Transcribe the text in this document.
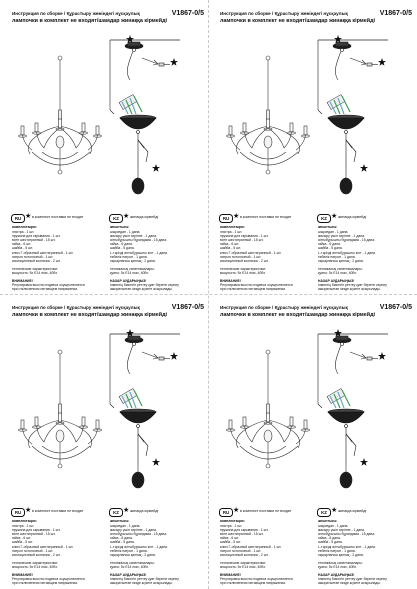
Инструкция по сборке / Құрастыру жөніндегі нұсқаулық	V1867-0/5
лампочки в комплект не входят/шамдар жинаққа кірмейді
RU ★ в комплект поставки не входит	KZ ★ жинаққа кірмейді
комплектация:
люстра - 1 шт.
пружина для скрывания - 1 шт.
винт шестигранный - 15 шт.
гайка - 6 шт.
шайба - 5 шт.
ключ Г-образный шестигранный - 1 шт.
патрон потолочный - 1 шт.
изоляционный колпачок - 2 шт.
технические характеристики:
мощность: 5x E14 max, 40Вт.
ВНИМАНИЕ!
Регулировка высоты подвеса осуществляется
при отключенном питающем напряжении.
жиынтығы:
шырағдан - 1 дана.
жасыру үшін серіппе - 1 дана.
алтыбұрышты бұрандама - 15 дана.
гайка - 6 дана.
шайба - 5 дана.
L-тәрізді алтыбұрышты кілт - 1 дана.
төбелік патрон - 1 дана.
оқшаулағыш қалпақ - 2 дана.
техникалық сипаттамалары:
қуаты: 5x E14 max, 40Вт.
НАЗАР АУДАРЫҢЫЗ!
Ілмектің биіктігін реттеу қуат беретін кернеу
ажыратылған кезде жүзеге асырылады.
Инструкция по сборке / Құрастыру жөніндегі нұсқаулық	V1867-0/5
лампочки в комплект не входят/шамдар жинаққа кірмейді
RU ★ в комплект поставки не входит	KZ ★ жинаққа кірмейді
комплектация:
люстра - 1 шт.
пружина для скрывания - 1 шт.
винт шестигранный - 15 шт.
гайка - 6 шт.
шайба - 5 шт.
ключ Г-образный шестигранный - 1 шт.
патрон потолочный - 1 шт.
изоляционный колпачок - 2 шт.
технические характеристики:
мощность: 5x E14 max, 40Вт.
ВНИМАНИЕ!
Регулировка высоты подвеса осуществляется
при отключенном питающем напряжении.
жиынтығы:
шырағдан - 1 дана.
жасыру үшін серіппе - 1 дана.
алтыбұрышты бұрандама - 15 дана.
гайка - 6 дана.
шайба - 5 дана.
L-тәрізді алтыбұрышты кілт - 1 дана.
төбелік патрон - 1 дана.
оқшаулағыш қалпақ - 2 дана.
техникалық сипаттамалары:
қуаты: 5x E14 max, 40Вт.
НАЗАР АУДАРЫҢЫЗ!
Ілмектің биіктігін реттеу қуат беретін кернеу
ажыратылған кезде жүзеге асырылады.
Инструкция по сборке / Құрастыру жөніндегі нұсқаулық	V1867-0/5
лампочки в комплект не входят/шамдар жинаққа кірмейді
RU ★ в комплект поставки не входит	KZ ★ жинаққа кірмейді
комплектация:
люстра - 1 шт.
пружина для скрывания - 1 шт.
винт шестигранный - 15 шт.
гайка - 6 шт.
шайба - 5 шт.
ключ Г-образный шестигранный - 1 шт.
патрон потолочный - 1 шт.
изоляционный колпачок - 2 шт.
технические характеристики:
мощность: 5x E14 max, 40Вт.
ВНИМАНИЕ!
Регулировка высоты подвеса осуществляется
при отключенном питающем напряжении.
жиынтығы:
шырағдан - 1 дана.
жасыру үшін серіппе - 1 дана.
алтыбұрышты бұрандама - 15 дана.
гайка - 6 дана.
шайба - 5 дана.
L-тәрізді алтыбұрышты кілт - 1 дана.
төбелік патрон - 1 дана.
оқшаулағыш қалпақ - 2 дана.
техникалық сипаттамалары:
қуаты: 5x E14 max, 40Вт.
НАЗАР АУДАРЫҢЫЗ!
Ілмектің биіктігін реттеу қуат беретін кернеу
ажыратылған кезде жүзеге асырылады.
Инструкция по сборке / Құрастыру жөніндегі нұсқаулық	V1867-0/5
лампочки в комплект не входят/шамдар жинаққа кірмейді
RU ★ в комплект поставки не входит	KZ ★ жинаққа кірмейді
комплектация:
люстра - 1 шт.
пружина для скрывания - 1 шт.
винт шестигранный - 15 шт.
гайка - 6 шт.
шайба - 5 шт.
ключ Г-образный шестигранный - 1 шт.
патрон потолочный - 1 шт.
изоляционный колпачок - 2 шт.
технические характеристики:
мощность: 5x E14 max, 40Вт.
ВНИМАНИЕ!
Регулировка высоты подвеса осуществляется
при отключенном питающем напряжении.
жиынтығы:
шырағдан - 1 дана.
жасыру үшін серіппе - 1 дана.
алтыбұрышты бұрандама - 15 дана.
гайка - 6 дана.
шайба - 5 дана.
L-тәрізді алтыбұрышты кілт - 1 дана.
төбелік патрон - 1 дана.
оқшаулағыш қалпақ - 2 дана.
техникалық сипаттамалары:
қуаты: 5x E14 max, 40Вт.
НАЗАР АУДАРЫҢЫЗ!
Ілмектің биіктігін реттеу қуат беретін кернеу
ажыратылған кезде жүзеге асырылады.
